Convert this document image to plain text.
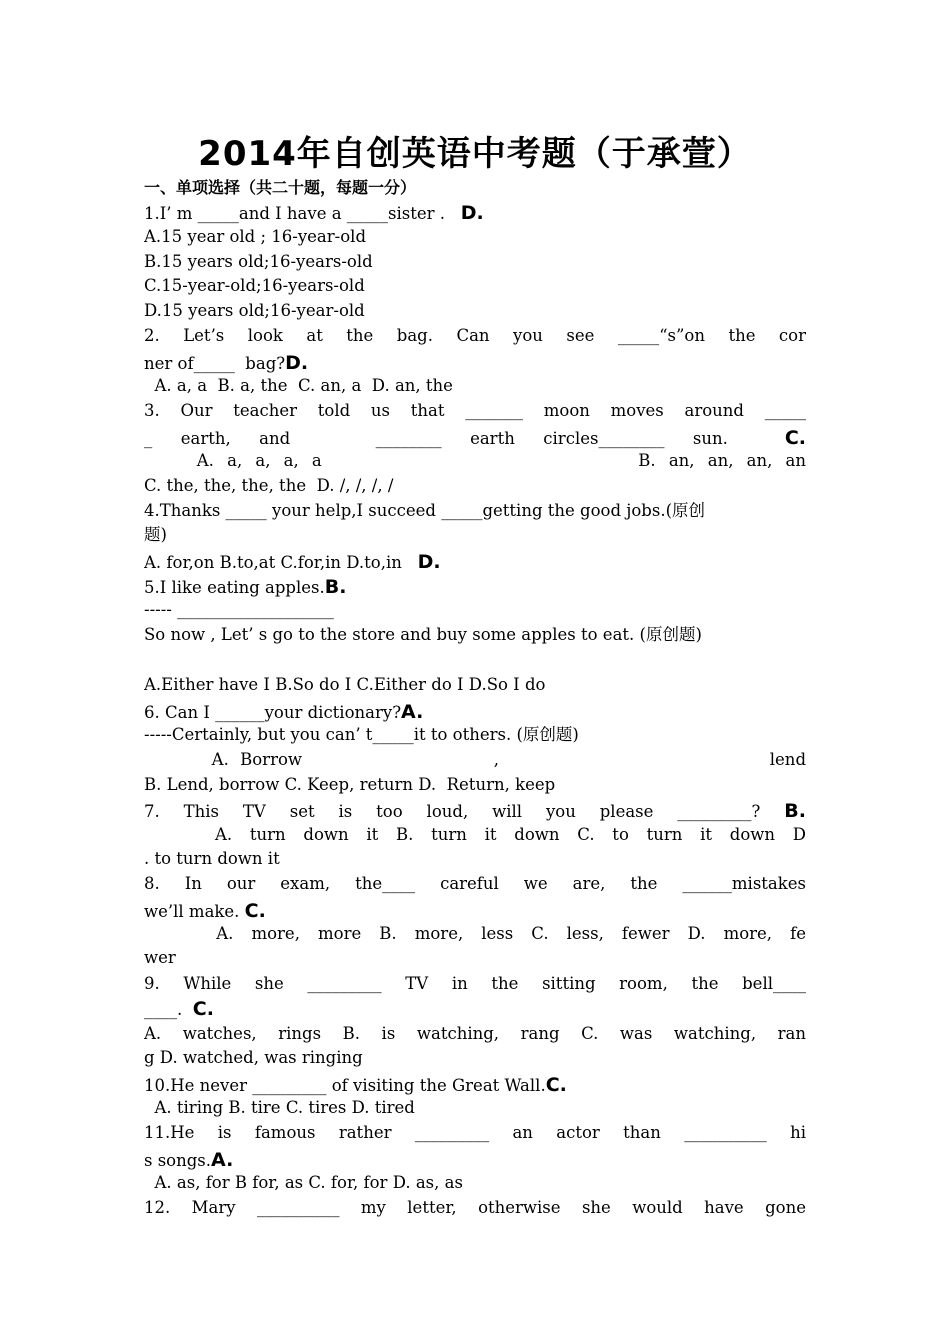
2014年自创英语中考题（于承萱）
一、单项选择（共二十题，每题一分）
1.I’ m _____and I have a _____sister .   D.
A.15 year old ; 16-year-old
B.15 years old;16-years-old
C.15-year-old;16-years-old
D.15 years old;16-year-old
2. Let’s look at the bag. Can you see _____“s”on the cor
ner of_____  bag?D.
A. a, a  B. a, the  C. an, a  D. an, the
3. Our teacher told us that _______ moon moves around _____
_ earth, and   ________ earth circles________ sun.  C.
A. a, a, a, a                        B. an, an, an, an
C. the, the, the, the  D. /, /, /, /
4.Thanks _____ your help,I succeed _____getting the good jobs.(原创
题)
A. for,on B.to,at C.for,in D.to,in   D.
5.I like eating apples.B.
----- ___________________
So now , Let’ s go to the store and buy some apples to eat. (原创题)
A.Either have I B.So do I C.Either do I D.So I do
6. Can I ______your dictionary?A.
-----Certainly, but you can’ t_____it to others. (原创题)
A. Borrow                 ,                        lend
B. Lend, borrow C. Keep, return D.  Return, keep
7. This TV set is too loud, will you please _________? B.
A. turn down it B. turn it down C. to turn it down D
. to turn down it
8. In our exam, the____ careful we are, the ______mistakes
we’ll make. C.
A. more, more B. more, less C. less, fewer D. more, fe
wer
9. While she _________ TV in the sitting room, the bell____
____.  C.
A. watches, rings B. is watching, rang C. was watching, ran
g D. watched, was ringing
10.He never _________ of visiting the Great Wall.C.
A. tiring B. tire C. tires D. tired
11.He is famous rather _________ an actor than __________ hi
s songs.A.
A. as, for B for, as C. for, for D. as, as
12. Mary __________ my letter, otherwise she would have gone
